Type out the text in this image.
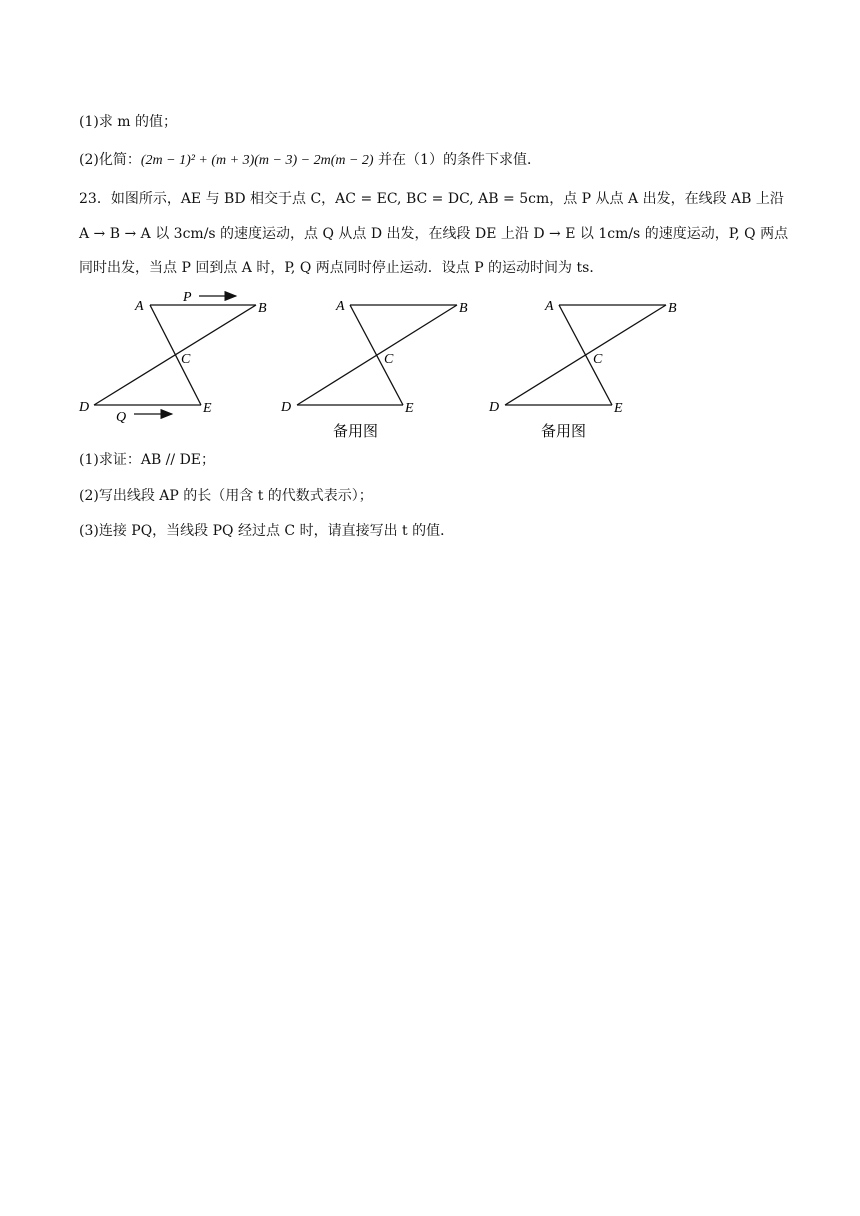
(1)求 m 的值；
(2)化简：(2m − 1)² + (m + 3)(m − 3) − 2m(m − 2) 并在（1）的条件下求值．
23．如图所示，AE 与 BD 相交于点 C，AC = EC, BC = DC, AB = 5cm，点 P 从点 A 出发，在线段 AB 上沿
A → B → A 以 3cm/s 的速度运动，点 Q 从点 D 出发，在线段 DE 上沿 D → E 以 1cm/s 的速度运动，P, Q 两点
同时出发，当点 P 回到点 A 时，P, Q 两点同时停止运动．设点 P 的运动时间为 ts．
A	B
C
D	E
P
Q
A	B
C
D	E
备用图
A	B
C
D	E
备用图
(1)求证：AB // DE；
(2)写出线段 AP 的长（用含 t 的代数式表示）；
(3)连接 PQ，当线段 PQ 经过点 C 时，请直接写出 t 的值．
